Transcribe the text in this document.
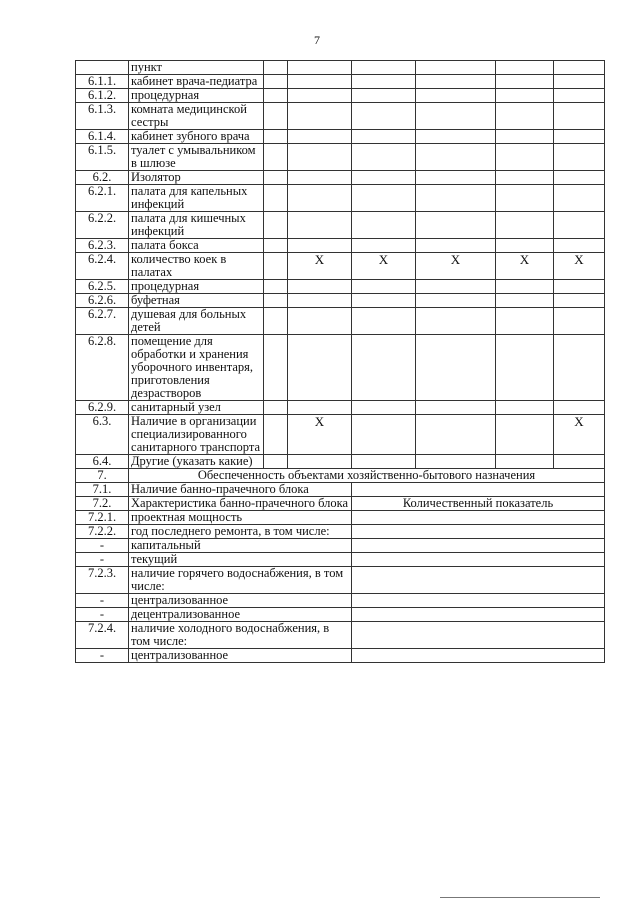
7
	пункт						
6.1.1.	кабинет врача-педиатра						
6.1.2.	процедурная						
6.1.3.	комната медицинской сестры						
6.1.4.	кабинет зубного врача						
6.1.5.	туалет с умывальником в шлюзе						
6.2.	Изолятор						
6.2.1.	палата для капельных инфекций						
6.2.2.	палата для кишечных инфекций						
6.2.3.	палата бокса						
6.2.4.	количество коек в палатах		X	X	X	X	X
6.2.5.	процедурная						
6.2.6.	буфетная						
6.2.7.	душевая для больных детей						
6.2.8.	помещение для обработки и хранения уборочного инвентаря, приготовления дезрастворов						
6.2.9.	санитарный узел						
6.3.	Наличие в организации специализированного санитарного транспорта		X				X
6.4.	Другие (указать какие)						
7.	Обеспеченность объектами хозяйственно-бытового назначения						
7.1.	Наличие банно-прачечного блока						
7.2.	Характеристика банно-прачечного блока			Количественный показатель			
7.2.1.	проектная мощность						
7.2.2.	год последнего ремонта, в том числе:						
-	капитальный						
-	текущий						
7.2.3.	наличие горячего водоснабжения, в том числе:						
-	централизованное						
-	децентрализованное						
7.2.4.	наличие холодного водоснабжения, в том числе:						
-	централизованное						
